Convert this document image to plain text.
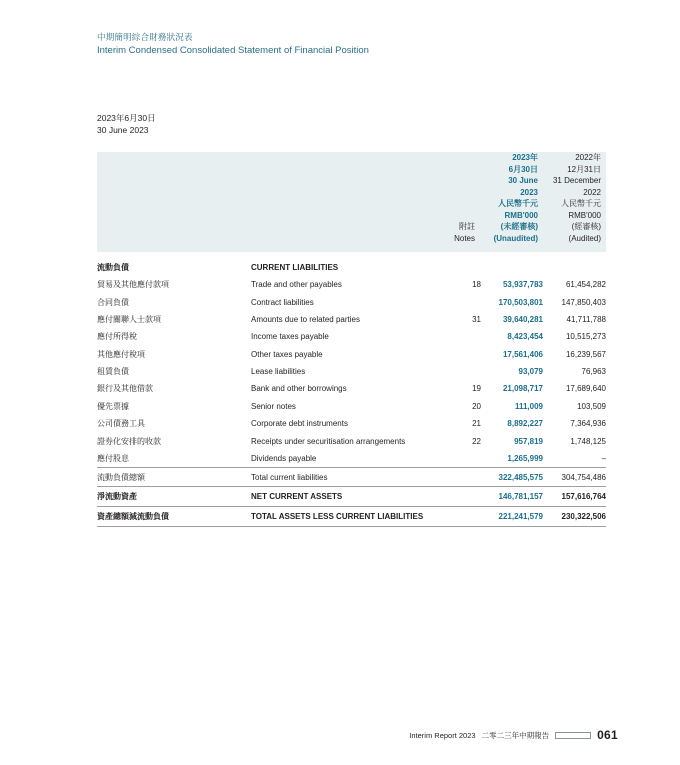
中期簡明綜合財務狀況表
Interim Condensed Consolidated Statement of Financial Position
2023年6月30日
30 June 2023

附註
Notes

2023年
6月30日
30 June
2023
人民幣千元
RMB'000
(未經審核)
(Unaudited)

2022年
12月31日
31 December
2022
人民幣千元
RMB'000
(經審核)
(Audited)

流動負債	CURRENT LIABILITIES			
貿易及其他應付款項	Trade and other payables	18	53,937,783	61,454,282
合同負債	Contract liabilities		170,503,801	147,850,403
應付關聯人士款項	Amounts due to related parties	31	39,640,281	41,711,788
應付所得稅	Income taxes payable		8,423,454	10,515,273
其他應付稅項	Other taxes payable		17,561,406	16,239,567
租賃負債	Lease liabilities		93,079	76,963
銀行及其他借款	Bank and other borrowings	19	21,098,717	17,689,640
優先票據	Senior notes	20	111,009	103,509
公司債務工具	Corporate debt instruments	21	8,892,227	7,364,936
證券化安排的收款	Receipts under securitisation arrangements	22	957,819	1,748,125
應付股息	Dividends payable		1,265,999	–
流動負債總額	Total current liabilities		322,485,575	304,754,486
淨流動資產	NET CURRENT ASSETS		146,781,157	157,616,764
資產總額減流動負債	TOTAL ASSETS LESS CURRENT LIABILITIES		221,241,579	230,322,506
Interim Report 2023 二零二三年中期報告	061
